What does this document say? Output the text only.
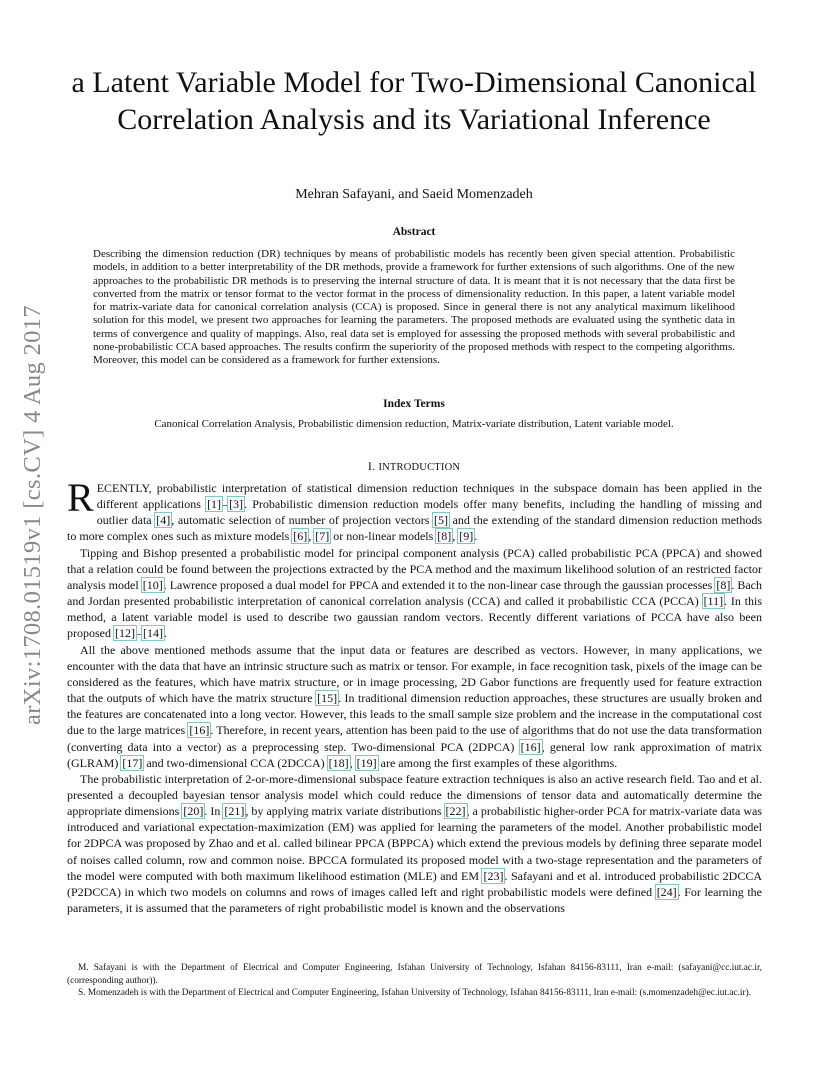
arXiv:1708.01519v1 [cs.CV] 4 Aug 2017
a Latent Variable Model for Two-Dimensional Canonical Correlation Analysis and its Variational Inference
Mehran Safayani, and Saeid Momenzadeh
Abstract

Describing the dimension reduction (DR) techniques by means of probabilistic models has recently been given special attention. Probabilistic models, in addition to a better interpretability of the DR methods, provide a framework for further extensions of such algorithms. One of the new approaches to the probabilistic DR methods is to preserving the internal structure of data. It is meant that it is not necessary that the data first be converted from the matrix or tensor format to the vector format in the process of dimensionality reduction. In this paper, a latent variable model for matrix-variate data for canonical correlation analysis (CCA) is proposed. Since in general there is not any analytical maximum likelihood solution for this model, we present two approaches for learning the parameters. The proposed methods are evaluated using the synthetic data in terms of convergence and quality of mappings. Also, real data set is employed for assessing the proposed methods with several probabilistic and none-probabilistic CCA based approaches. The results confirm the superiority of the proposed methods with respect to the competing algorithms. Moreover, this model can be considered as a framework for further extensions.

Index Terms
Canonical Correlation Analysis, Probabilistic dimension reduction, Matrix-variate distribution, Latent variable model.
I. INTRODUCTION

RECENTLY, probabilistic interpretation of statistical dimension reduction techniques in the subspace domain has been applied in the different applications [1]–[3]. Probabilistic dimension reduction models offer many benefits, including the handling of missing and outlier data [4], automatic selection of number of projection vectors [5] and the extending of the standard dimension reduction methods to more complex ones such as mixture models [6], [7] or non-linear models [8], [9].

Tipping and Bishop presented a probabilistic model for principal component analysis (PCA) called probabilistic PCA (PPCA) and showed that a relation could be found between the projections extracted by the PCA method and the maximum likelihood solution of an restricted factor analysis model [10]. Lawrence proposed a dual model for PPCA and extended it to the non-linear case through the gaussian processes [8]. Bach and Jordan presented probabilistic interpretation of canonical correlation analysis (CCA) and called it probabilistic CCA (PCCA) [11]. In this method, a latent variable model is used to describe two gaussian random vectors. Recently different variations of PCCA have also been proposed [12]–[14].

All the above mentioned methods assume that the input data or features are described as vectors. However, in many applications, we encounter with the data that have an intrinsic structure such as matrix or tensor. For example, in face recognition task, pixels of the image can be considered as the features, which have matrix structure, or in image processing, 2D Gabor functions are frequently used for feature extraction that the outputs of which have the matrix structure [15]. In traditional dimension reduction approaches, these structures are usually broken and the features are concatenated into a long vector. However, this leads to the small sample size problem and the increase in the computational cost due to the large matrices [16]. Therefore, in recent years, attention has been paid to the use of algorithms that do not use the data transformation (converting data into a vector) as a preprocessing step. Two-dimensional PCA (2DPCA) [16], general low rank approximation of matrix (GLRAM) [17] and two-dimensional CCA (2DCCA) [18], [19] are among the first examples of these algorithms.

The probabilistic interpretation of 2-or-more-dimensional subspace feature extraction techniques is also an active research field. Tao and et al. presented a decoupled bayesian tensor analysis model which could reduce the dimensions of tensor data and automatically determine the appropriate dimensions [20]. In [21], by applying matrix variate distributions [22], a probabilistic higher-order PCA for matrix-variate data was introduced and variational expectation-maximization (EM) was applied for learning the parameters of the model. Another probabilistic model for 2DPCA was proposed by Zhao and et al. called bilinear PPCA (BPPCA) which extend the previous models by defining three separate model of noises called column, row and common noise. BPCCA formulated its proposed model with a two-stage representation and the parameters of the model were computed with both maximum likelihood estimation (MLE) and EM [23]. Safayani and et al. introduced probabilistic 2DCCA (P2DCCA) in which two models on columns and rows of images called left and right probabilistic models were defined [24]. For learning the parameters, it is assumed that the parameters of right probabilistic model is known and the observations

M. Safayani is with the Department of Electrical and Computer Engineering, Isfahan University of Technology, Isfahan 84156-83111, Iran e-mail: (safayani@cc.iut.ac.ir, (corresponding author)).

S. Momenzadeh is with the Department of Electrical and Computer Engineering, Isfahan University of Technology, Isfahan 84156-83111, Iran e-mail: (s.momenzadeh@ec.iut.ac.ir).
